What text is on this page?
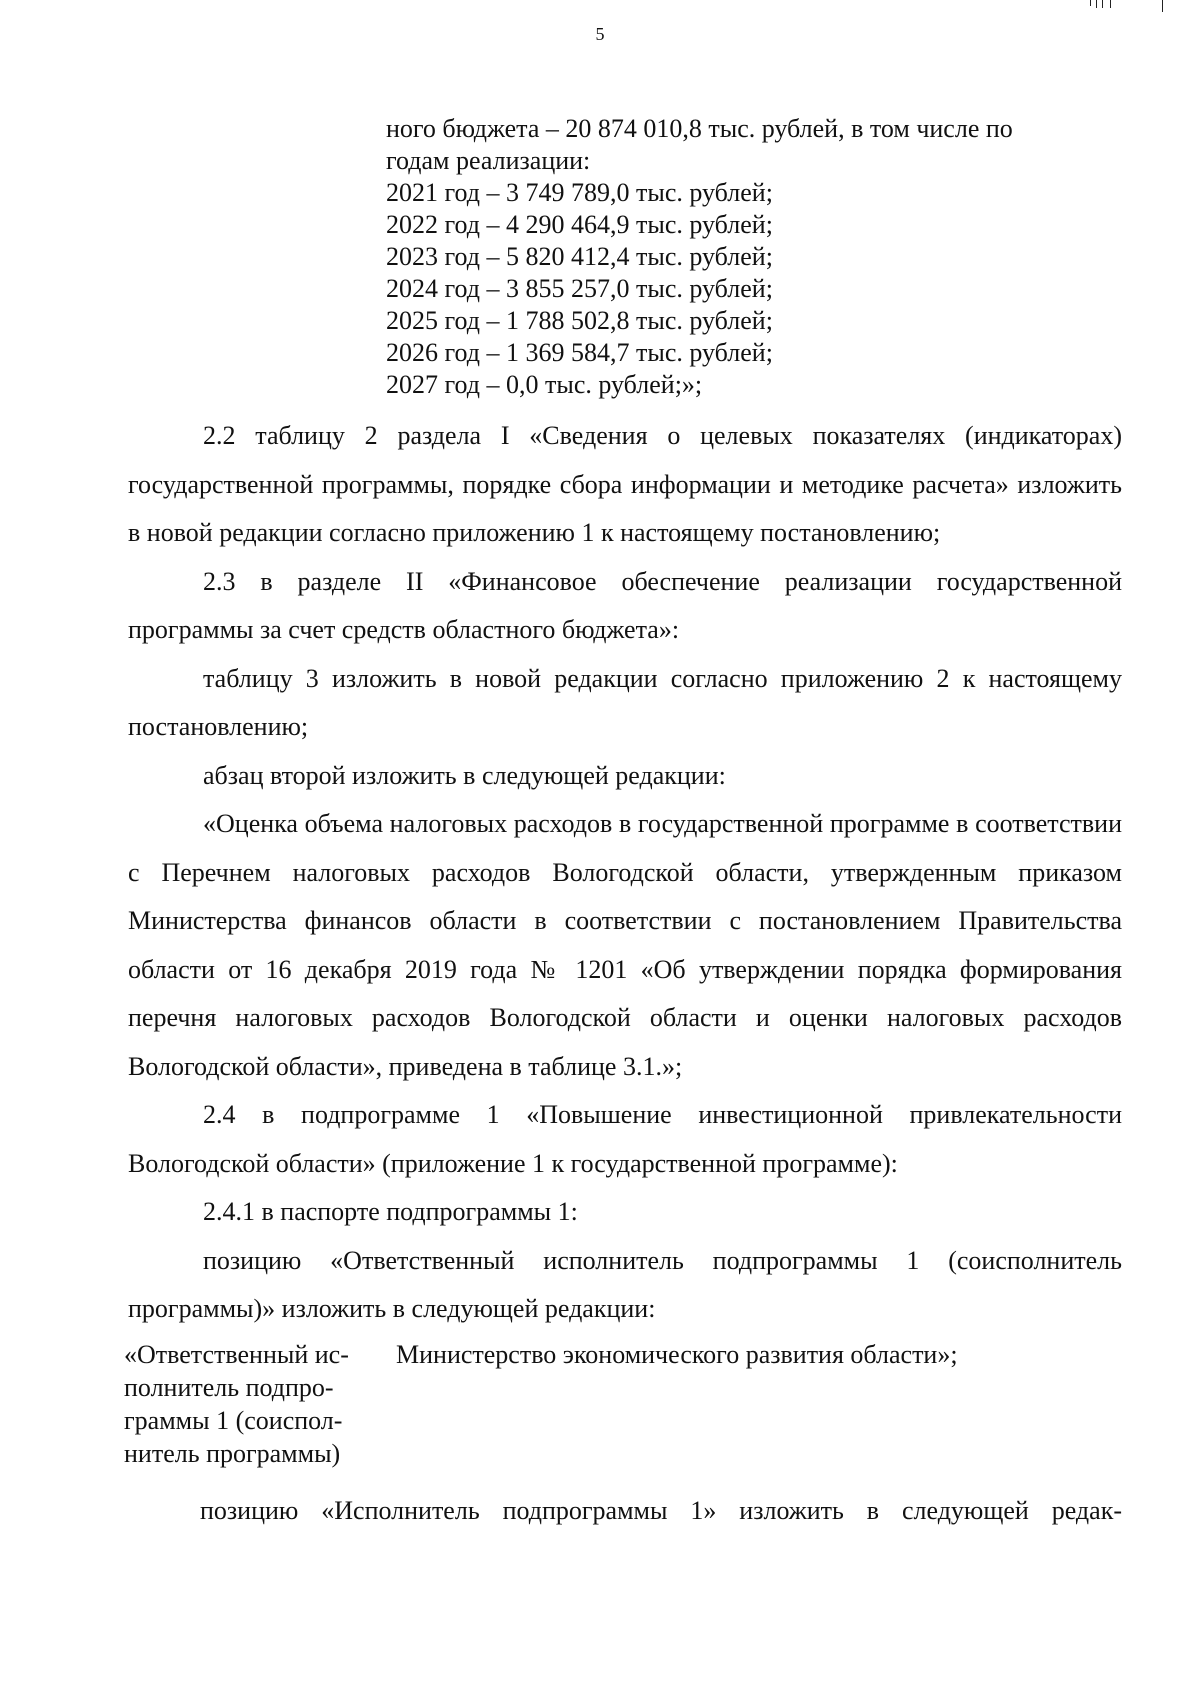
5
ного бюджета – 20 874 010,8 тыс. рублей, в том числе по
годам реализации:
2021 год – 3 749 789,0 тыс. рублей;
2022 год – 4 290 464,9 тыс. рублей;
2023 год – 5 820 412,4 тыс. рублей;
2024 год – 3 855 257,0 тыс. рублей;
2025 год – 1 788 502,8 тыс. рублей;
2026 год – 1 369 584,7 тыс. рублей;
2027 год – 0,0 тыс. рублей;»;

2.2 таблицу 2 раздела I «Сведения о целевых показателях (индикаторах) государственной программы, порядке сбора информации и методике расчета» изложить в новой редакции согласно приложению 1 к настоящему постановлению;

2.3 в разделе II «Финансовое обеспечение реализации государственной программы за счет средств областного бюджета»:

таблицу 3 изложить в новой редакции согласно приложению 2 к настоящему постановлению;

абзац второй изложить в следующей редакции:

«Оценка объема налоговых расходов в государственной программе в соответствии с Перечнем налоговых расходов Вологодской области, утвержденным приказом Министерства финансов области в соответствии с постановлением Правительства области от 16 декабря 2019 года № 1201 «Об утверждении порядка формирования перечня налоговых расходов Вологодской области и оценки налоговых расходов Вологодской области», приведена в таблице 3.1.»;

2.4 в подпрограмме 1 «Повышение инвестиционной привлекательности Вологодской области» (приложение 1 к государственной программе):

2.4.1 в паспорте подпрограммы 1:

позицию «Ответственный исполнитель подпрограммы 1 (соисполнитель программы)» изложить в следующей редакции:

«Ответственный ис-
полнитель подпро-
граммы 1 (соиспол-
нитель программы)
Министерство экономического развития области»;
позицию «Исполнитель подпрограммы 1» изложить в следующей редак-
